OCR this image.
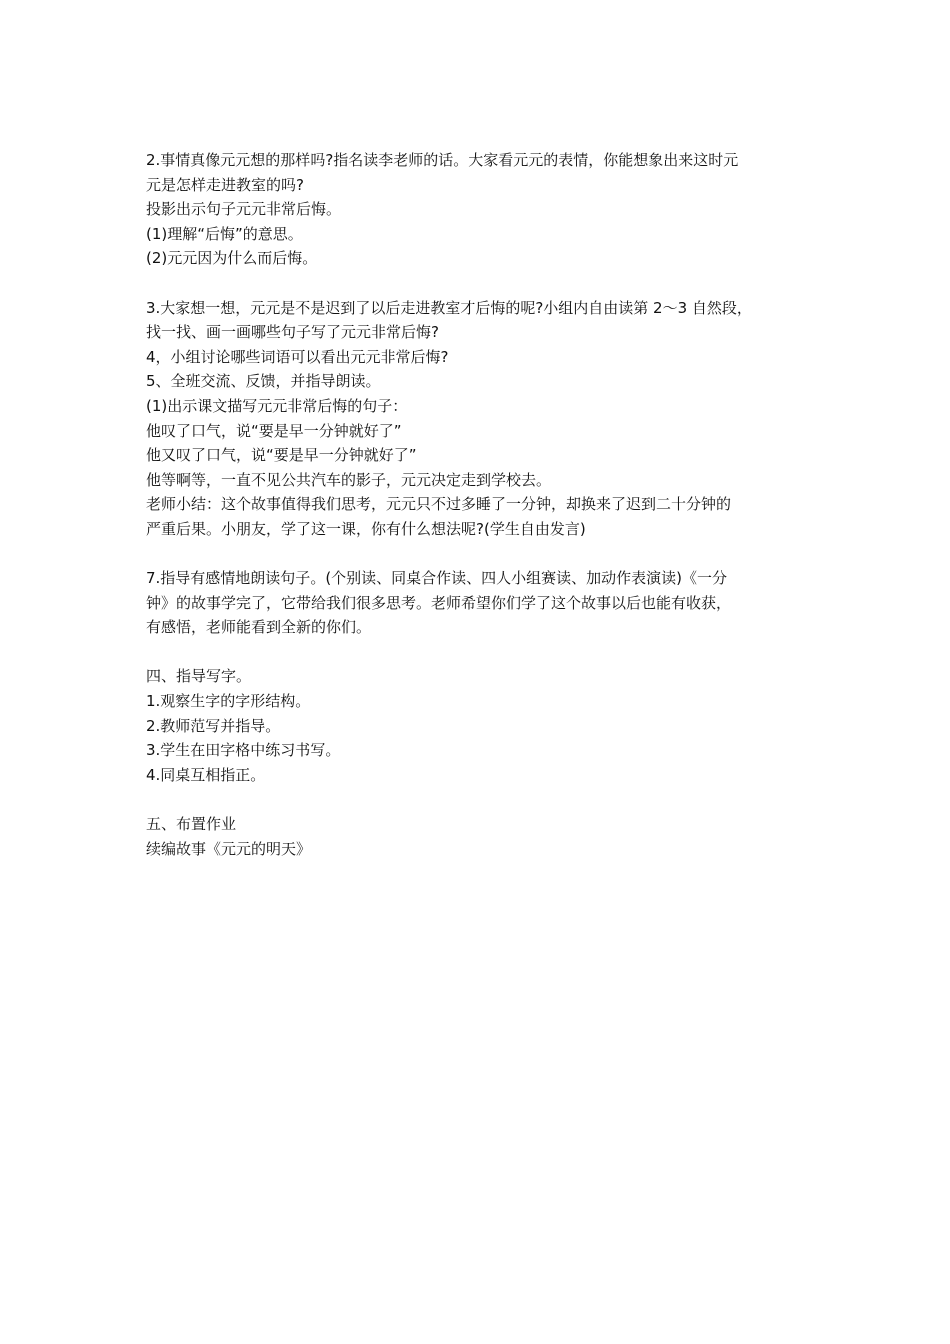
2.事情真像元元想的那样吗?指名读李老师的话。大家看元元的表情，你能想象出来这时元

元是怎样走进教室的吗?

投影出示句子元元非常后悔。

(1)理解“后悔”的意思。

(2)元元因为什么而后悔。

3.大家想一想，元元是不是迟到了以后走进教室才后悔的呢?小组内自由读第 2～3 自然段，

找一找、画一画哪些句子写了元元非常后悔?

4，小组讨论哪些词语可以看出元元非常后悔?

5、全班交流、反馈，并指导朗读。

(1)出示课文描写元元非常后悔的句子：

他叹了口气，说“要是早一分钟就好了”

他又叹了口气，说“要是早一分钟就好了”

他等啊等，一直不见公共汽车的影子，元元决定走到学校去。

老师小结：这个故事值得我们思考，元元只不过多睡了一分钟，却换来了迟到二十分钟的

严重后果。小朋友，学了这一课，你有什么想法呢?(学生自由发言)

7.指导有感情地朗读句子。(个别读、同桌合作读、四人小组赛读、加动作表演读)《一分

钟》的故事学完了，它带给我们很多思考。老师希望你们学了这个故事以后也能有收获，

有感悟，老师能看到全新的你们。

四、指导写字。

1.观察生字的字形结构。

2.教师范写并指导。

3.学生在田字格中练习书写。

4.同桌互相指正。

五、布置作业

续编故事《元元的明天》
